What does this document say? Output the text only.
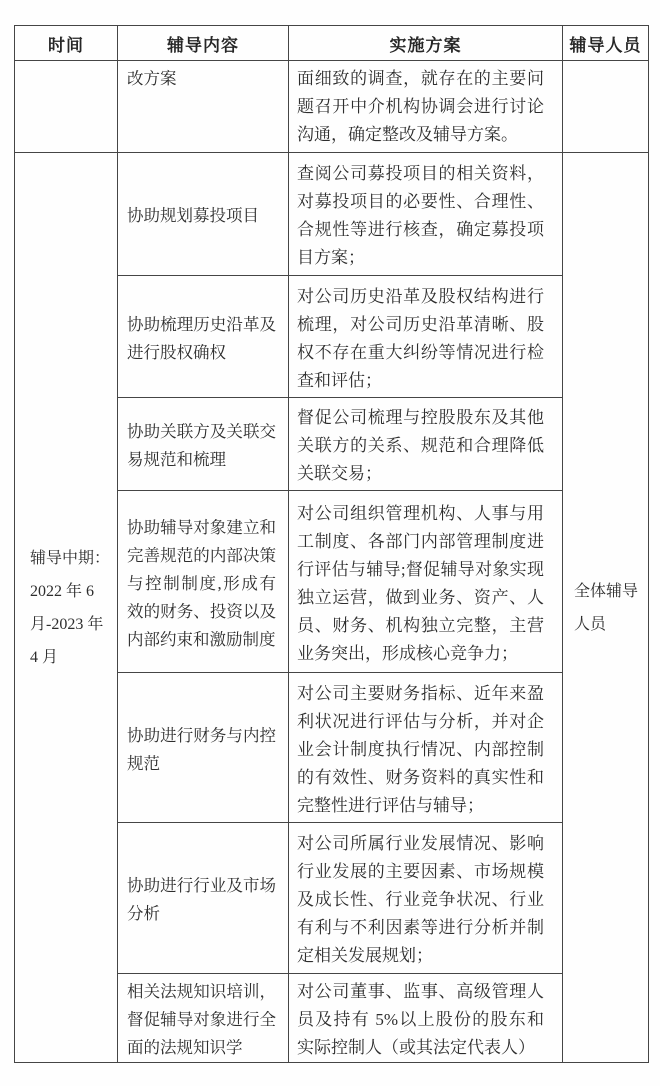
时间	辅导内容	实施方案	辅导人员
	改方案	面细致的调查，就存在的主要问题召开中介机构协调会进行讨论沟通，确定整改及辅导方案。	
辅导中期：2022 年 6 月-2023 年 4 月	协助规划募投项目	查阅公司募投项目的相关资料，对募投项目的必要性、合理性、合规性等进行核查，确定募投项目方案；	全体辅导人员
	协助梳理历史沿革及进行股权确权	对公司历史沿革及股权结构进行梳理，对公司历史沿革清晰、股权不存在重大纠纷等情况进行检查和评估；	
	协助关联方及关联交易规范和梳理	督促公司梳理与控股股东及其他关联方的关系、规范和合理降低关联交易；	
	协助辅导对象建立和完善规范的内部决策与控制制度,形成有效的财务、投资以及内部约束和激励制度	对公司组织管理机构、人事与用工制度、各部门内部管理制度进行评估与辅导;督促辅导对象实现独立运营，做到业务、资产、人员、财务、机构独立完整，主营业务突出，形成核心竞争力；	
	协助进行财务与内控规范	对公司主要财务指标、近年来盈利状况进行评估与分析，并对企业会计制度执行情况、内部控制的有效性、财务资料的真实性和完整性进行评估与辅导；	
	协助进行行业及市场分析	对公司所属行业发展情况、影响行业发展的主要因素、市场规模及成长性、行业竞争状况、行业有利与不利因素等进行分析并制定相关发展规划；	
	相关法规知识培训，督促辅导对象进行全面的法规知识学	对公司董事、监事、高级管理人员及持有 5%以上股份的股东和实际控制人（或其法定代表人）	
